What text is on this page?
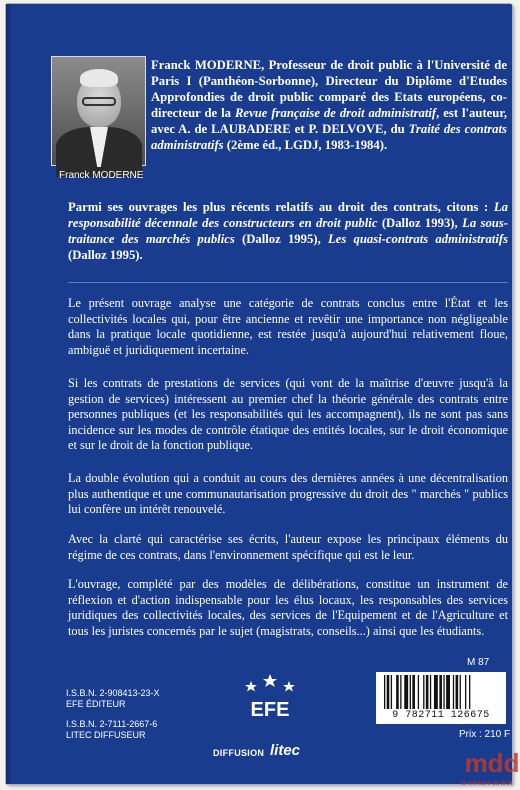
Franck MODERNE
Franck MODERNE, Professeur de droit public à l'Université de Paris I (Panthéon-Sorbonne), Directeur du Diplôme d'Etudes Approfondies de droit public comparé des Etats européens, co-directeur de la Revue française de droit administratif, est l'auteur, avec A. de LAUBADERE et P. DELVOVE, du Traité des contrats administratifs (2ème éd., LGDJ, 1983-1984).
Parmi ses ouvrages les plus récents relatifs au droit des contrats, citons : La responsabilité décennale des constructeurs en droit public (Dalloz 1993), La sous-traitance des marchés publics (Dalloz 1995), Les quasi-contrats administratifs (Dalloz 1995).

Le présent ouvrage analyse une catégorie de contrats conclus entre l'État et les collectivités locales qui, pour être ancienne et revêtir une importance non négligeable dans la pratique locale quotidienne, est restée jusqu'à aujourd'hui relativement floue, ambiguë et juridiquement incertaine.

Si les contrats de prestations de services (qui vont de la maîtrise d'œuvre jusqu'à la gestion de services) intéressent au premier chef la théorie générale des contrats entre personnes publiques (et les responsabilités qui les accompagnent), ils ne sont pas sans incidence sur les modes de contrôle étatique des entités locales, sur le droit économique et sur le droit de la fonction publique.

La double évolution qui a conduit au cours des dernières années à une décentralisation plus authentique et une communautarisation progressive du droit des " marchés " publics lui confère un intérêt renouvelé.

Avec la clarté qui caractérise ses écrits, l'auteur expose les principaux éléments du régime de ces contrats, dans l'environnement spécifique qui est le leur.

L'ouvrage, complété par des modèles de délibérations, constitue un instrument de réflexion et d'action indispensable pour les élus locaux, les responsables des services juridiques des collectivités locales, des services de l'Equipement et de l'Agriculture et tous les juristes concernés par le sujet (magistrats, conseils...) ainsi que les étudiants.

M 87
I.S.B.N. 2-908413-23-X
EFE ÉDITEUR
I.S.B.N. 2-7111-2667-6
LITEC DIFFUSEUR
EFE
DIFFUSION litec
9 782711 126675
Prix : 210 F
mdd
la mémoire du droit
